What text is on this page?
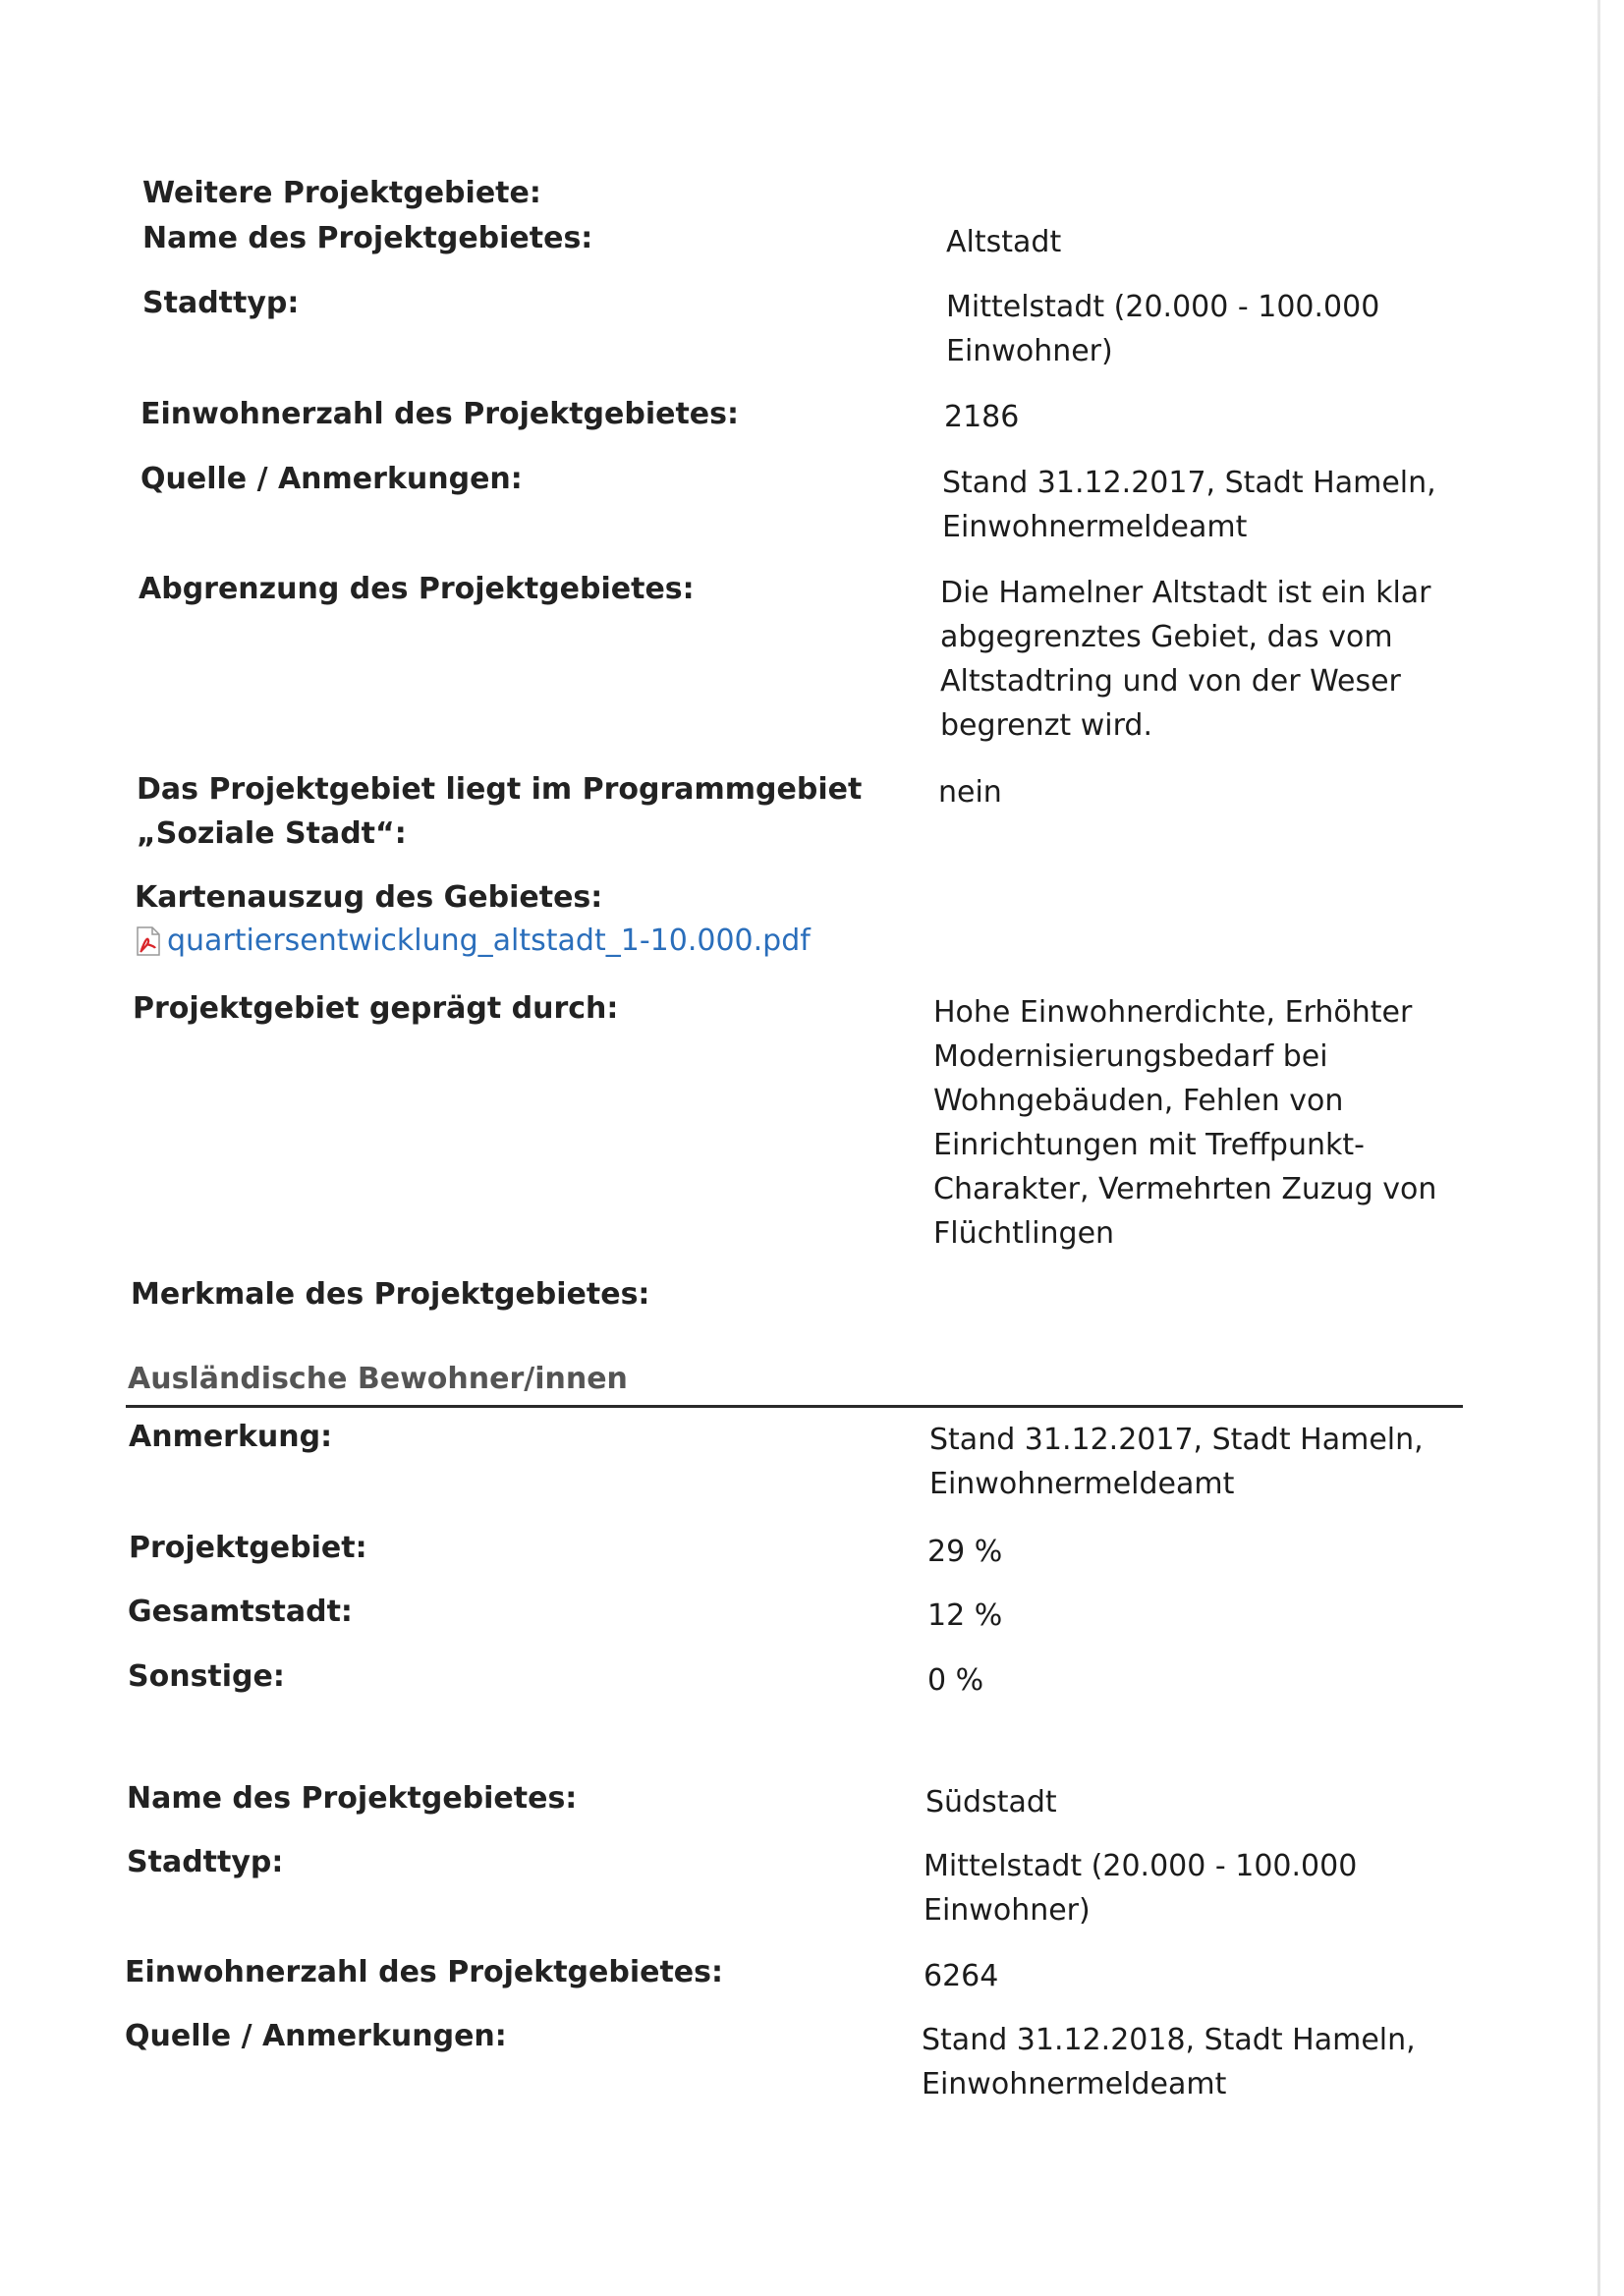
Weitere Projektgebiete:
Name des Projektgebietes:	Altstadt
Stadttyp:	Mittelstadt (20.000 - 100.000
Einwohner)
Einwohnerzahl des Projektgebietes:	2186
Quelle / Anmerkungen:	Stand 31.12.2017, Stadt Hameln,
Einwohnermeldeamt
Abgrenzung des Projektgebietes:	Die Hamelner Altstadt ist ein klar
abgegrenztes Gebiet, das vom
Altstadtring und von der Weser
begrenzt wird.
Das Projektgebiet liegt im Programmgebiet
„Soziale Stadt“:
nein
Kartenauszug des Gebietes:
quartiersentwicklung_altstadt_1-10.000.pdf
Projektgebiet geprägt durch:	Hohe Einwohnerdichte, Erhöhter
Modernisierungsbedarf bei
Wohngebäuden, Fehlen von
Einrichtungen mit Treffpunkt-
Charakter, Vermehrten Zuzug von
Flüchtlingen
Merkmale des Projektgebietes:
Ausländische Bewohner/innen
Anmerkung:	Stand 31.12.2017, Stadt Hameln,
Einwohnermeldeamt
Projektgebiet:	29 %
Gesamtstadt:	12 %
Sonstige:	0 %
Name des Projektgebietes:	Südstadt
Stadttyp:	Mittelstadt (20.000 - 100.000
Einwohner)
Einwohnerzahl des Projektgebietes:	6264
Quelle / Anmerkungen:	Stand 31.12.2018, Stadt Hameln,
Einwohnermeldeamt
